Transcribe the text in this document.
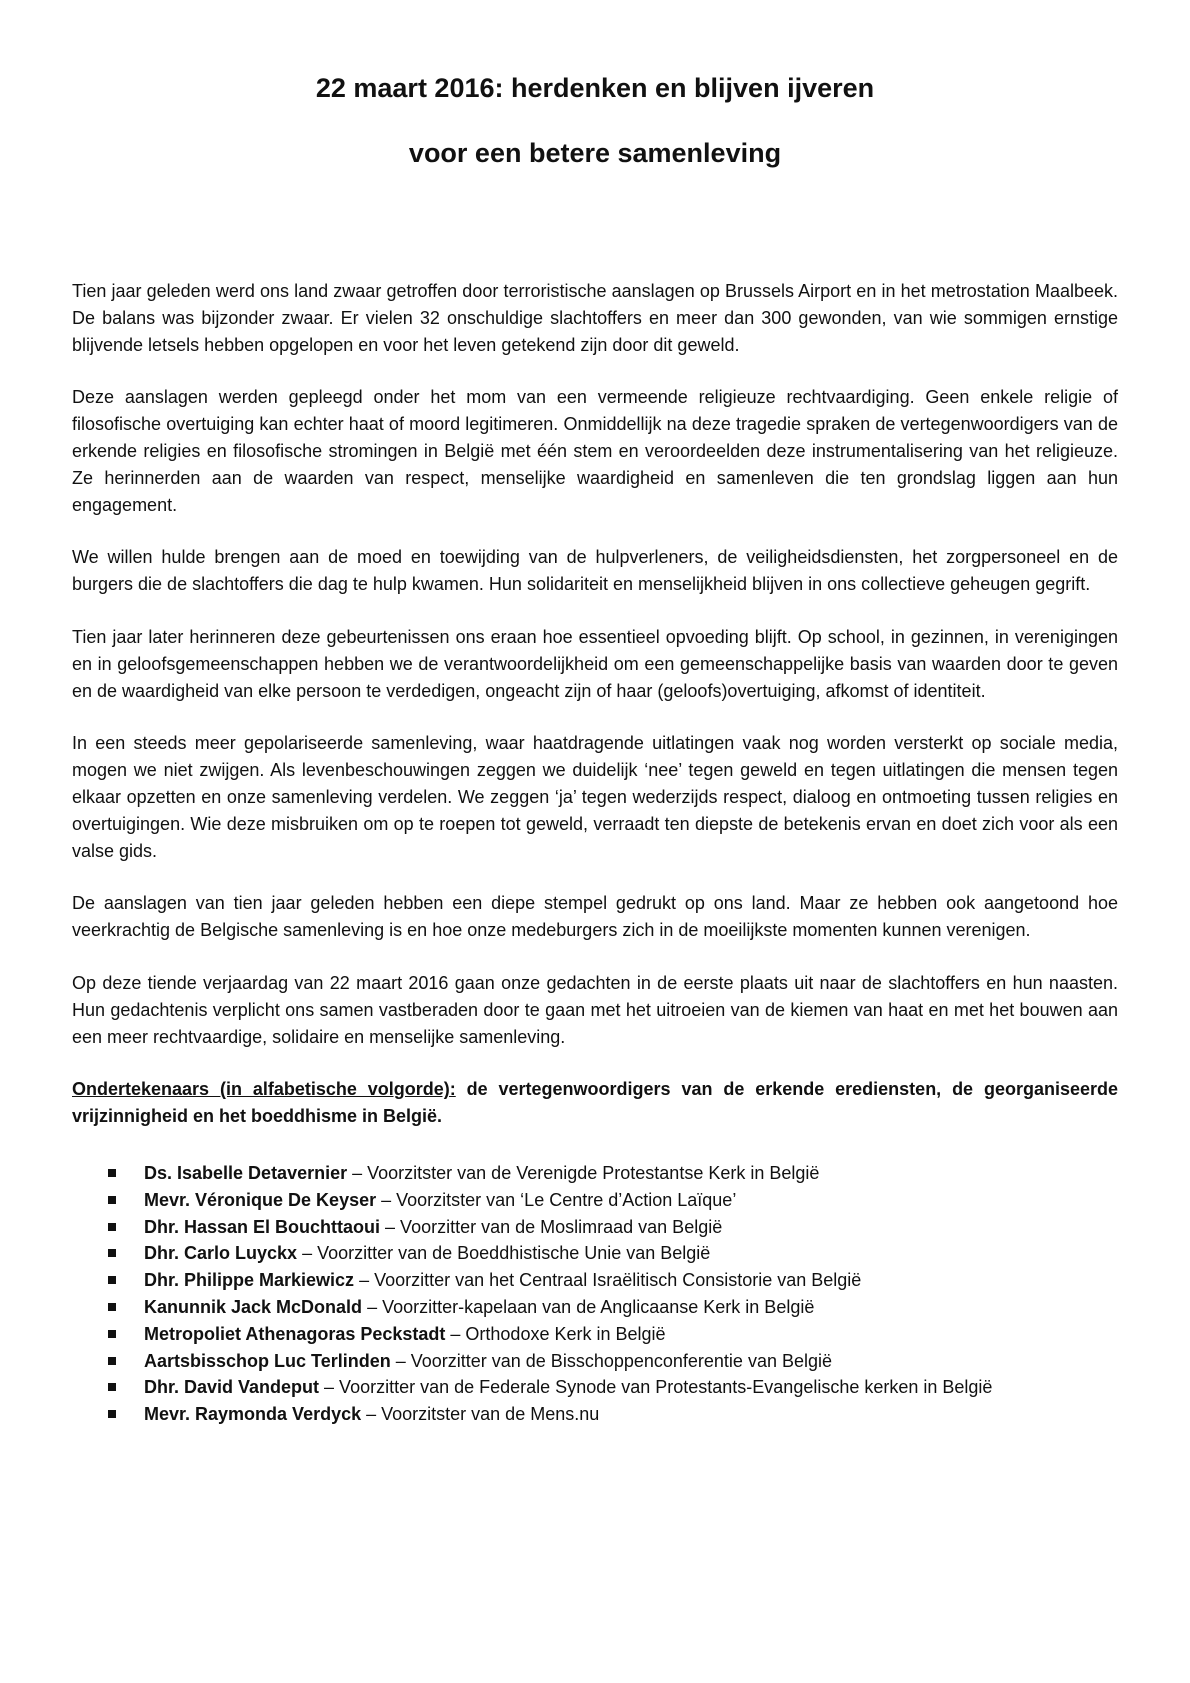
22 maart 2016: herdenken en blijven ijveren
voor een betere samenleving

Tien jaar geleden werd ons land zwaar getroffen door terroristische aanslagen op Brussels Airport en in het metrostation Maalbeek. De balans was bijzonder zwaar. Er vielen 32 onschuldige slachtoffers en meer dan 300 gewonden, van wie sommigen ernstige blijvende letsels hebben opgelopen en voor het leven getekend zijn door dit geweld.

Deze aanslagen werden gepleegd onder het mom van een vermeende religieuze rechtvaardiging. Geen enkele religie of filosofische overtuiging kan echter haat of moord legitimeren. Onmiddellijk na deze tragedie spraken de vertegenwoordigers van de erkende religies en filosofische stromingen in België met één stem en veroordeelden deze instrumentalisering van het religieuze. Ze herinnerden aan de waarden van respect, menselijke waardigheid en samenleven die ten grondslag liggen aan hun engagement.

We willen hulde brengen aan de moed en toewijding van de hulpverleners, de veiligheidsdiensten, het zorgpersoneel en de burgers die de slachtoffers die dag te hulp kwamen. Hun solidariteit en menselijkheid blijven in ons collectieve geheugen gegrift.

Tien jaar later herinneren deze gebeurtenissen ons eraan hoe essentieel opvoeding blijft. Op school, in gezinnen, in verenigingen en in geloofsgemeenschappen hebben we de verantwoordelijkheid om een gemeenschappelijke basis van waarden door te geven en de waardigheid van elke persoon te verdedigen, ongeacht zijn of haar (geloofs)overtuiging, afkomst of identiteit.

In een steeds meer gepolariseerde samenleving, waar haatdragende uitlatingen vaak nog worden versterkt op sociale media, mogen we niet zwijgen. Als levenbeschouwingen zeggen we duidelijk ‘nee’ tegen geweld en tegen uitlatingen die mensen tegen elkaar opzetten en onze samenleving verdelen. We zeggen ‘ja’ tegen wederzijds respect, dialoog en ontmoeting tussen religies en overtuigingen. Wie deze misbruiken om op te roepen tot geweld, verraadt ten diepste de betekenis ervan en doet zich voor als een valse gids.

De aanslagen van tien jaar geleden hebben een diepe stempel gedrukt op ons land. Maar ze hebben ook aangetoond hoe veerkrachtig de Belgische samenleving is en hoe onze medeburgers zich in de moeilijkste momenten kunnen verenigen.

Op deze tiende verjaardag van 22 maart 2016 gaan onze gedachten in de eerste plaats uit naar de slachtoffers en hun naasten. Hun gedachtenis verplicht ons samen vastberaden door te gaan met het uitroeien van de kiemen van haat en met het bouwen aan een meer rechtvaardige, solidaire en menselijke samenleving.

Ondertekenaars (in alfabetische volgorde): de vertegenwoordigers van de erkende erediensten, de georganiseerde vrijzinnigheid en het boeddhisme in België.

Ds. Isabelle Detavernier – Voorzitster van de Verenigde Protestantse Kerk in België
Mevr. Véronique De Keyser – Voorzitster van ‘Le Centre d’Action Laïque’
Dhr. Hassan El Bouchttaoui – Voorzitter van de Moslimraad van België
Dhr. Carlo Luyckx – Voorzitter van de Boeddhistische Unie van België
Dhr. Philippe Markiewicz – Voorzitter van het Centraal Israëlitisch Consistorie van België
Kanunnik Jack McDonald – Voorzitter-kapelaan van de Anglicaanse Kerk in België
Metropoliet Athenagoras Peckstadt – Orthodoxe Kerk in België
Aartsbisschop Luc Terlinden – Voorzitter van de Bisschoppenconferentie van België
Dhr. David Vandeput – Voorzitter van de Federale Synode van Protestants-Evangelische kerken in België
Mevr. Raymonda Verdyck – Voorzitster van de Mens.nu
